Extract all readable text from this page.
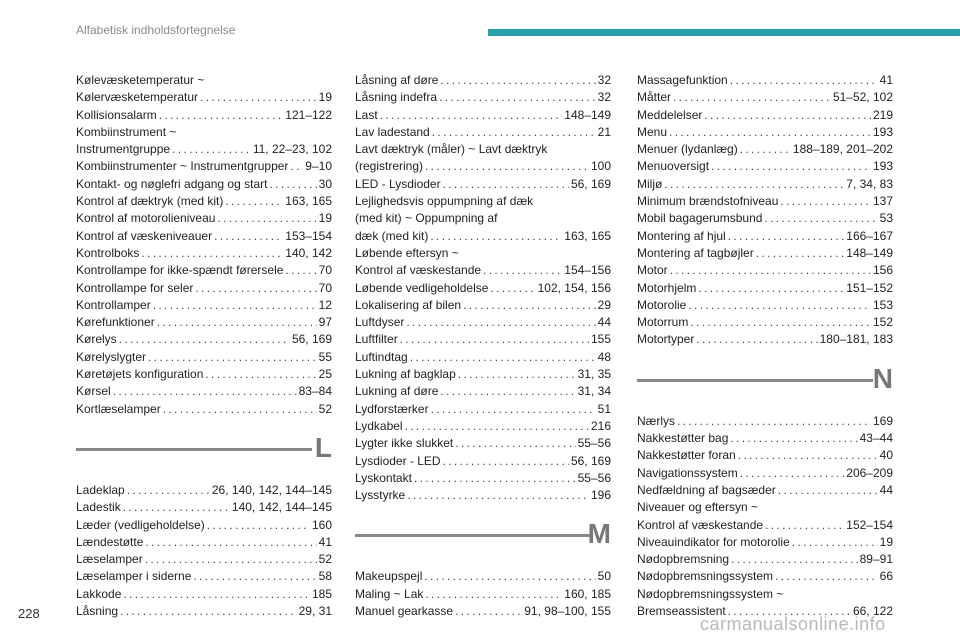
Alfabetisk indholdsfortegnelse
Kølevæsketemperatur ~
Kølervæsketemperatur . . .	19
Kollisionsalarm . . .	121–122
Kombiinstrument ~
Instrumentgruppe . . .	11, 22–23, 102
Kombiinstrumenter ~ Instrumentgrupper . . . 9–10
Kontakt- og nøglefri adgang og start . . .	30
Kontrol af dæktryk (med kit) . . .	163, 165
Kontrol af motorolieniveau . . .	19
Kontrol af væskeniveauer . . .	153–154
Kontrolboks . . .	140, 142
Kontrollampe for ikke-spændt førersele . . .	70
Kontrollampe for seler . . .	70
Kontrollamper . . .	12
Kørefunktioner . . .	97
Kørelys . . .	56, 169
Kørelyslygter . . .	55
Køretøjets konfiguration . . .	25
Kørsel . . .	83–84
Kortlæselamper . . .	52
L
Ladeklap . . .	26, 140, 142, 144–145
Ladestik . . .	140, 142, 144–145
Læder (vedligeholdelse) . . .	160
Lændestøtte . . .	41
Læselamper . . .	52
Læselamper i siderne . . .	58
Lakkode . . .	185
Låsning . . .	29, 31
Låsning af døre . . .	32
Låsning indefra . . .	32
Last . . .	148–149
Lav ladestand . . .	21
Lavt dæktryk (måler) ~ Lavt dæktryk
(registrering) . . .	100
LED - Lysdioder . . .	56, 169
Lejlighedsvis oppumpning af dæk
(med kit) ~ Oppumpning af
dæk (med kit) . . .	163, 165
Løbende eftersyn ~
Kontrol af væskestande . . .	154–156
Løbende vedligeholdelse . . .	102, 154, 156
Lokalisering af bilen . . .	29
Luftdyser . . .	44
Luftfilter . . .	155
Luftindtag . . .	48
Lukning af bagklap . . .	31, 35
Lukning af døre . . .	31, 34
Lydforstærker . . .	51
Lydkabel . . .	216
Lygter ikke slukket . . .	55–56
Lysdioder - LED . . .	56, 169
Lyskontakt . . .	55–56
Lysstyrke . . .	196
M
Makeupspejl . . .	50
Maling ~ Lak . . .	160, 185
Manuel gearkasse . . .	91, 98–100, 155
Massagefunktion . . .	41
Måtter . . .	51–52, 102
Meddelelser . . .	219
Menu . . .	193
Menuer (lydanlæg) . . .	188–189, 201–202
Menuoversigt . . .	193
Miljø . . .	7, 34, 83
Minimum brændstofniveau . . .	137
Mobil bagagerumsbund . . .	53
Montering af hjul . . .	166–167
Montering af tagbøjler . . .	148–149
Motor . . .	156
Motorhjelm . . .	151–152
Motorolie . . .	153
Motorrum . . .	152
Motortyper . . .	180–181, 183
N
Nærlys . . .	169
Nakkestøtter bag . . .	43–44
Nakkestøtter foran . . .	40
Navigationssystem . . .	206–209
Nedfældning af bagsæder . . .	44
Niveauer og eftersyn ~
Kontrol af væskestande . . .	152–154
Niveauindikator for motorolie . . .	19
Nødopbremsning . . .	89–91
Nødopbremsningssystem . . .	66
Nødopbremsningssystem ~
Bremseassistent . . .	66, 122
228
carmanualsonline.info
